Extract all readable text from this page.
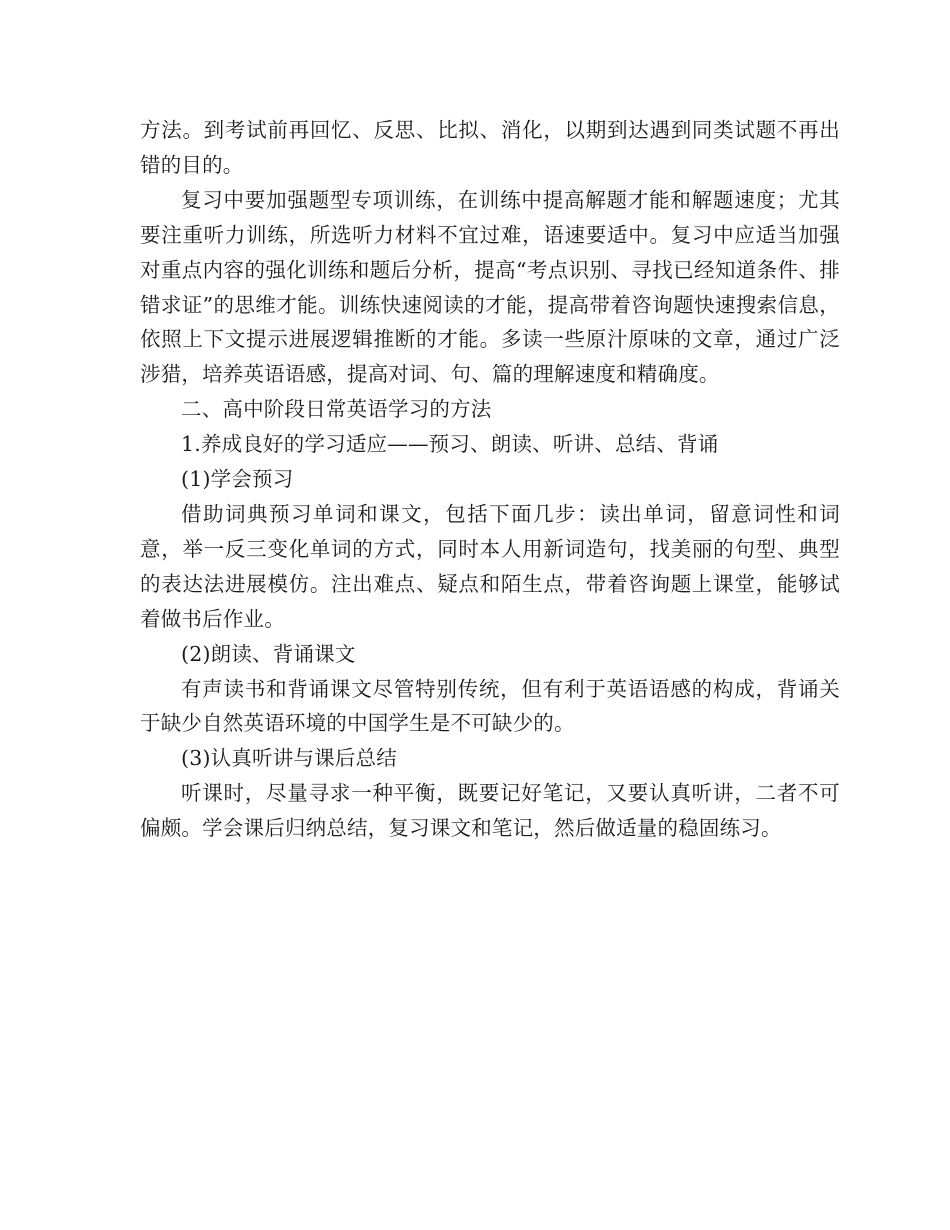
方法。到考试前再回忆、反思、比拟、消化，以期到达遇到同类试题不再出错的目的。

复习中要加强题型专项训练，在训练中提高解题才能和解题速度；尤其要注重听力训练，所选听力材料不宜过难，语速要适中。复习中应适当加强对重点内容的强化训练和题后分析，提高“考点识别、寻找已经知道条件、排错求证”的思维才能。训练快速阅读的才能，提高带着咨询题快速搜索信息，依照上下文提示进展逻辑推断的才能。多读一些原汁原味的文章，通过广泛涉猎，培养英语语感，提高对词、句、篇的理解速度和精确度。

二、高中阶段日常英语学习的方法

1.养成良好的学习适应——预习、朗读、听讲、总结、背诵

(1)学会预习

借助词典预习单词和课文，包括下面几步：读出单词，留意词性和词意，举一反三变化单词的方式，同时本人用新词造句，找美丽的句型、典型的表达法进展模仿。注出难点、疑点和陌生点，带着咨询题上课堂，能够试着做书后作业。

(2)朗读、背诵课文

有声读书和背诵课文尽管特别传统，但有利于英语语感的构成，背诵关于缺少自然英语环境的中国学生是不可缺少的。

(3)认真听讲与课后总结

听课时，尽量寻求一种平衡，既要记好笔记，又要认真听讲，二者不可偏颇。学会课后归纳总结，复习课文和笔记，然后做适量的稳固练习。
